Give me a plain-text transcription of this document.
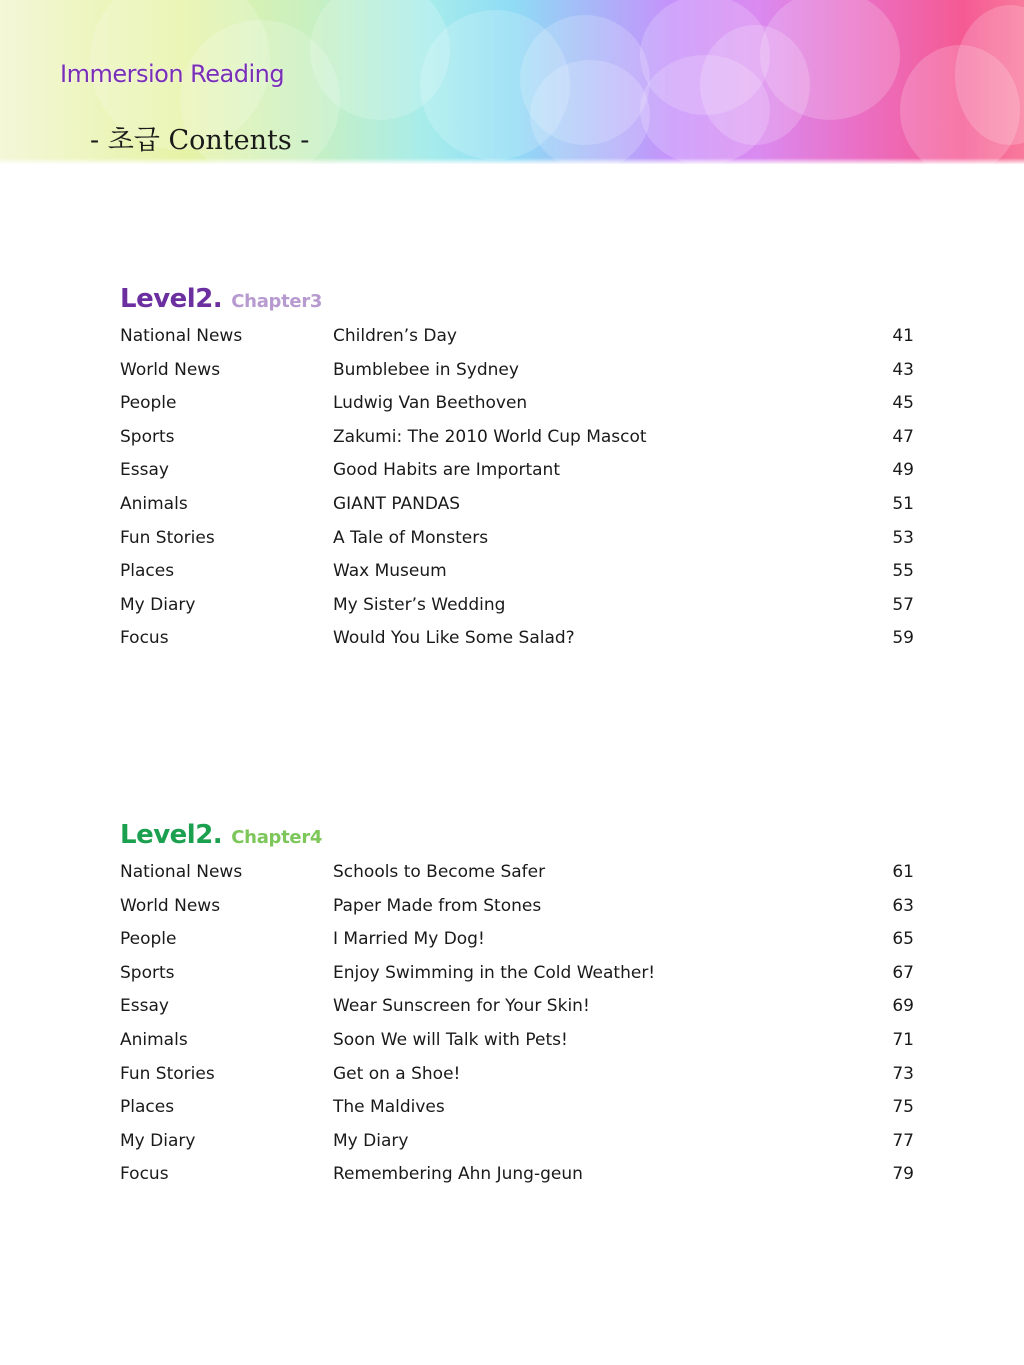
Immersion Reading
- 초급 Contents -
Level2. Chapter3
National News	Children’s Day	41
World News	Bumblebee in Sydney	43
People	Ludwig Van Beethoven	45
Sports	Zakumi: The 2010 World Cup Mascot	47
Essay	Good Habits are Important	49
Animals	GIANT PANDAS	51
Fun Stories	A Tale of Monsters	53
Places	Wax Museum	55
My Diary	My Sister’s Wedding	57
Focus	Would You Like Some Salad?	59
Level2. Chapter4
National News	Schools to Become Safer	61
World News	Paper Made from Stones	63
People	I Married My Dog!	65
Sports	Enjoy Swimming in the Cold Weather!	67
Essay	Wear Sunscreen for Your Skin!	69
Animals	Soon We will Talk with Pets!	71
Fun Stories	Get on a Shoe!	73
Places	The Maldives	75
My Diary	My Diary	77
Focus	Remembering Ahn Jung-geun	79
